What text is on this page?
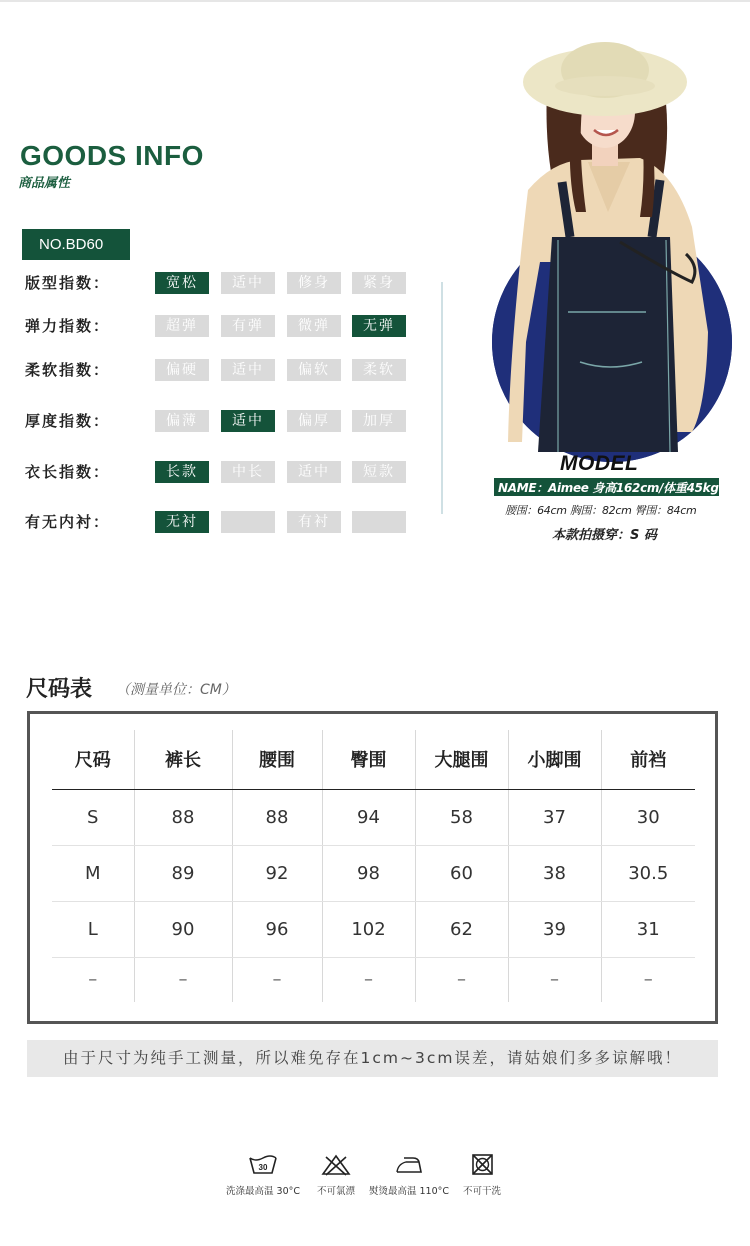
GOODS INFO
商品属性
NO.BD60
版型指数：	宽松	适中	修身	紧身
弹力指数：	超弹	有弹	微弹	无弹
柔软指数：	偏硬	适中	偏软	柔软
厚度指数：	偏薄	适中	偏厚	加厚
衣长指数：	长款	中长	适中	短款
有无内衬：	无衬	有衬
MODEL
NAME：Aimee 身高162cm/体重45kg
腰围：64cm 胸围：82cm 臀围：84cm
本款拍摄穿：S 码
尺码表 （测量单位：CM）
尺码	裤长	腰围	臀围	大腿围	小脚围	前裆
S	88	88	94	58	37	30
M	89	92	98	60	38	30.5
L	90	96	102	62	39	31
–	–	–	–	–	–	–
由于尺寸为纯手工测量，所以难免存在1cm~3cm误差，请姑娘们多多谅解哦！
30
洗涤最高温 30°C	不可氯漂	熨烫最高温 110°C	不可干洗
